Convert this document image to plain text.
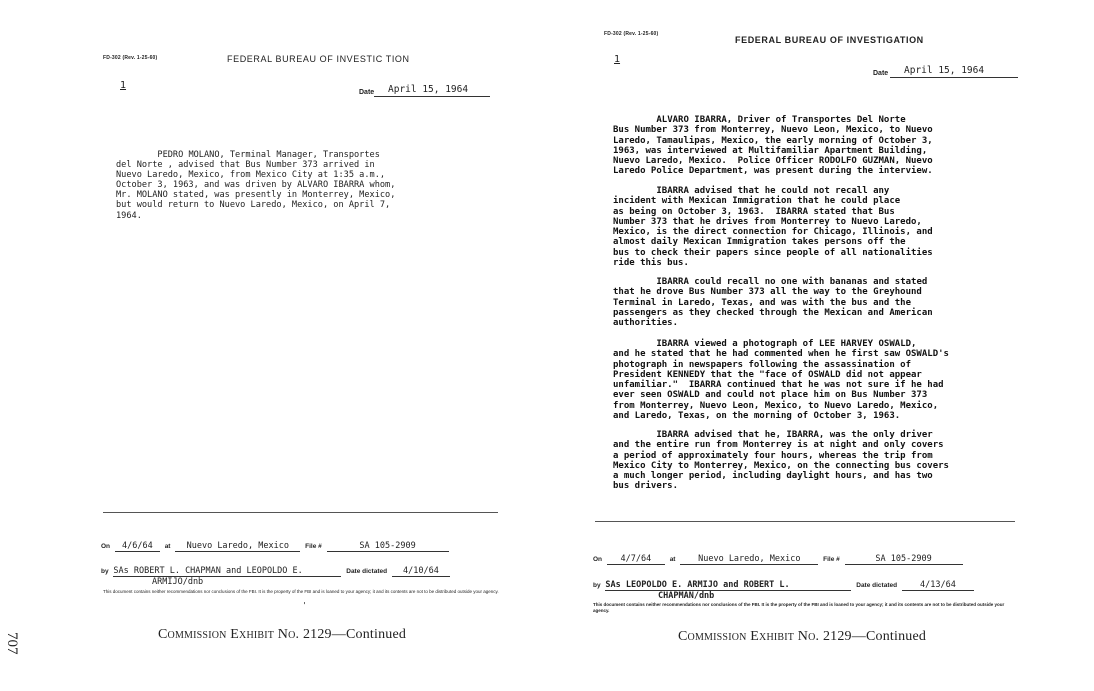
FD-302 (Rev. 1-25-60)	FEDERAL BUREAU OF INVESTIC TION
1
Date	April 15, 1964
PEDRO MOLANO, Terminal Manager, Transportes
del Norte , advised that Bus Number 373 arrived in
Nuevo Laredo, Mexico, from Mexico City at 1:35 a.m.,
October 3, 1963, and was driven by ALVARO IBARRA whom,
Mr. MOLANO stated, was presently in Monterrey, Mexico,
but would return to Nuevo Laredo, Mexico, on April 7,
1964.
On 4/6/64 at Nuevo Laredo, Mexico File #	SA 105-2909
by SAs ROBERT L. CHAPMAN and LEOPOLDO E.	Date dictated 4/10/64
ARMIJO/dnb
This document contains neither recommendations nor conclusions of the FBI. It is the property of the FBI and is loaned to your agency; it and its contents are not to be distributed outside your agency.
'
Commission Exhibit No. 2129—Continued
707
FD-302 (Rev. 1-25-60)
FEDERAL BUREAU OF INVESTIGATION
1
Date	April 15, 1964
ALVARO IBARRA, Driver of Transportes Del Norte
Bus Number 373 from Monterrey, Nuevo Leon, Mexico, to Nuevo
Laredo, Tamaulipas, Mexico, the early morning of October 3,
1963, was interviewed at Multifamiliar Apartment Building,
Nuevo Laredo, Mexico.  Police Officer RODOLFO GUZMAN, Nuevo
Laredo Police Department, was present during the interview.
IBARRA advised that he could not recall any
incident with Mexican Immigration that he could place
as being on October 3, 1963.  IBARRA stated that Bus
Number 373 that he drives from Monterrey to Nuevo Laredo,
Mexico, is the direct connection for Chicago, Illinois, and
almost daily Mexican Immigration takes persons off the
bus to check their papers since people of all nationalities
ride this bus.
IBARRA could recall no one with bananas and stated
that he drove Bus Number 373 all the way to the Greyhound
Terminal in Laredo, Texas, and was with the bus and the
passengers as they checked through the Mexican and American
authorities.
IBARRA viewed a photograph of LEE HARVEY OSWALD,
and he stated that he had commented when he first saw OSWALD's
photograph in newspapers following the assassination of
President KENNEDY that the "face of OSWALD did not appear
unfamiliar."  IBARRA continued that he was not sure if he had
ever seen OSWALD and could not place him on Bus Number 373
from Monterrey, Nuevo Leon, Mexico, to Nuevo Laredo, Mexico,
and Laredo, Texas, on the morning of October 3, 1963.
IBARRA advised that he, IBARRA, was the only driver
and the entire run from Monterrey is at night and only covers
a period of approximately four hours, whereas the trip from
Mexico City to Monterrey, Mexico, on the connecting bus covers
a much longer period, including daylight hours, and has two
bus drivers.
On 4/7/64	at	Nuevo Laredo, Mexico	File #	SA 105-2909
by SAs LEOPOLDO E. ARMIJO and ROBERT L.	Date dictated	4/13/64
CHAPMAN/dnb
This document contains neither recommendations nor conclusions of the FBI. It is the property of the FBI and is loaned to your agency; it and its contents are not to be distributed outside your agency.
Commission Exhibit No. 2129—Continued
